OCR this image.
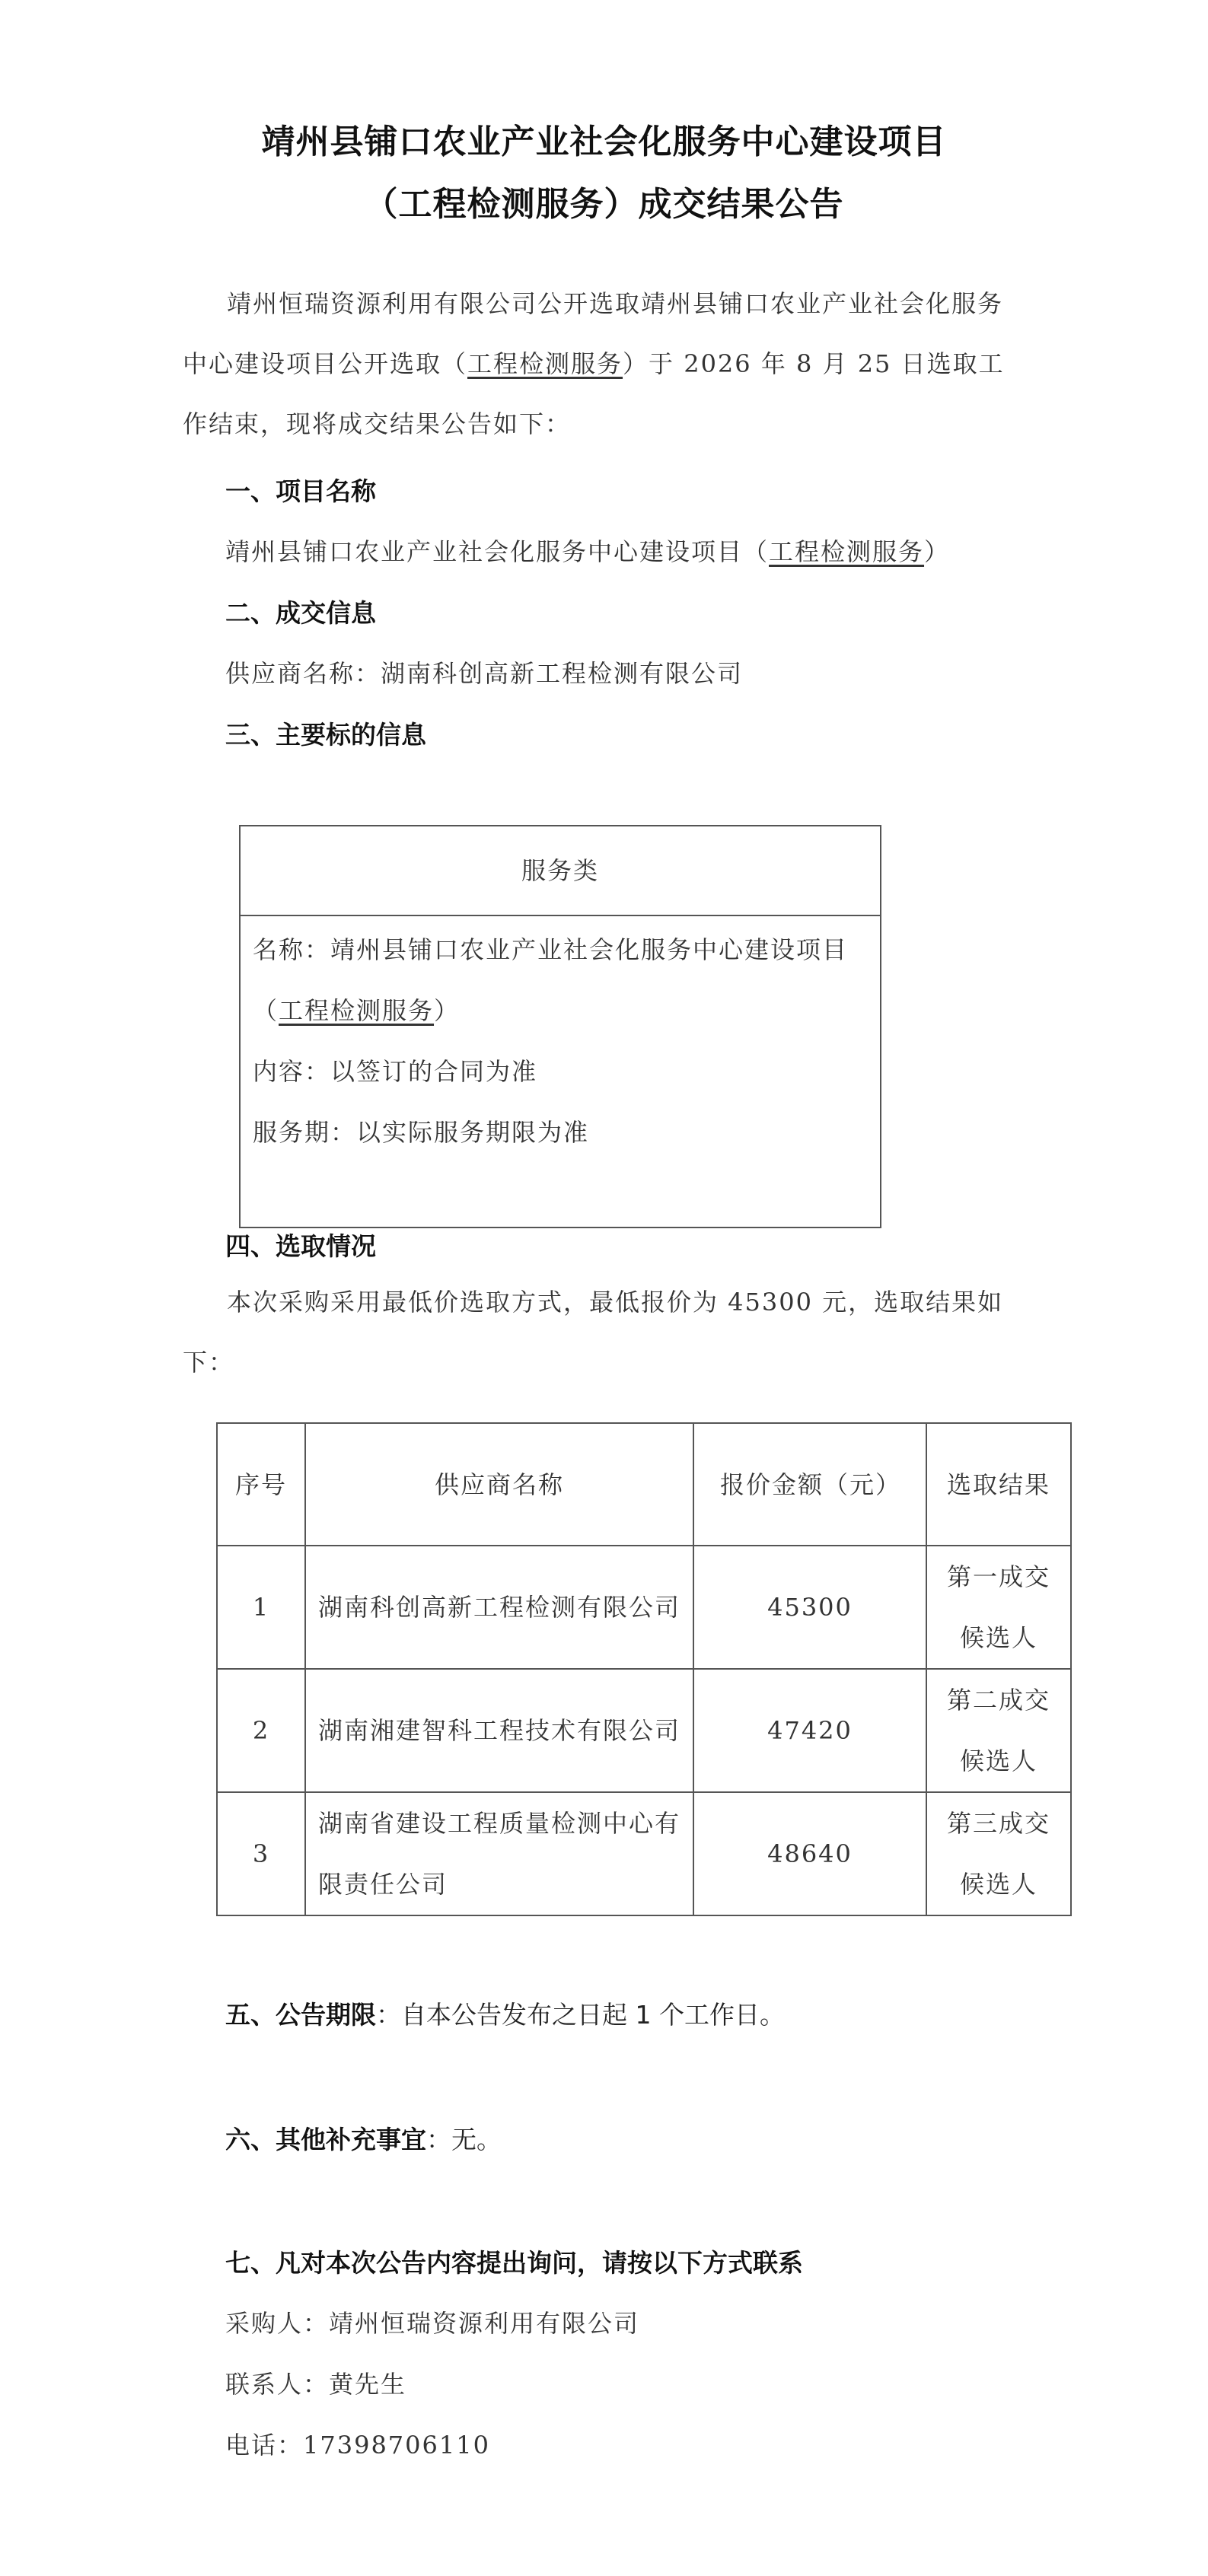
靖州县铺口农业产业社会化服务中心建设项目
（工程检测服务）成交结果公告
靖州恒瑞资源利用有限公司公开选取靖州县铺口农业产业社会化服务中心建设项目公开选取（工程检测服务）于 2026 年 8 月 25 日选取工作结束，现将成交结果公告如下：
一、项目名称
靖州县铺口农业产业社会化服务中心建设项目（工程检测服务）
二、成交信息
供应商名称：湖南科创高新工程检测有限公司
三、主要标的信息
服务类
名称：靖州县铺口农业产业社会化服务中心建设项目（工程检测服务）
内容：以签订的合同为准
服务期：以实际服务期限为准
四、选取情况
本次采购采用最低价选取方式，最低报价为 45300 元，选取结果如下：
序号	供应商名称	报价金额（元）	选取结果
1	湖南科创高新工程检测有限公司	45300	第一成交候选人
2	湖南湘建智科工程技术有限公司	47420	第二成交候选人
3	湖南省建设工程质量检测中心有限责任公司	48640	第三成交候选人
五、公告期限：自本公告发布之日起 1 个工作日。
六、其他补充事宜：无。
七、凡对本次公告内容提出询问，请按以下方式联系
采购人：靖州恒瑞资源利用有限公司
联系人：黄先生
电话：17398706110
